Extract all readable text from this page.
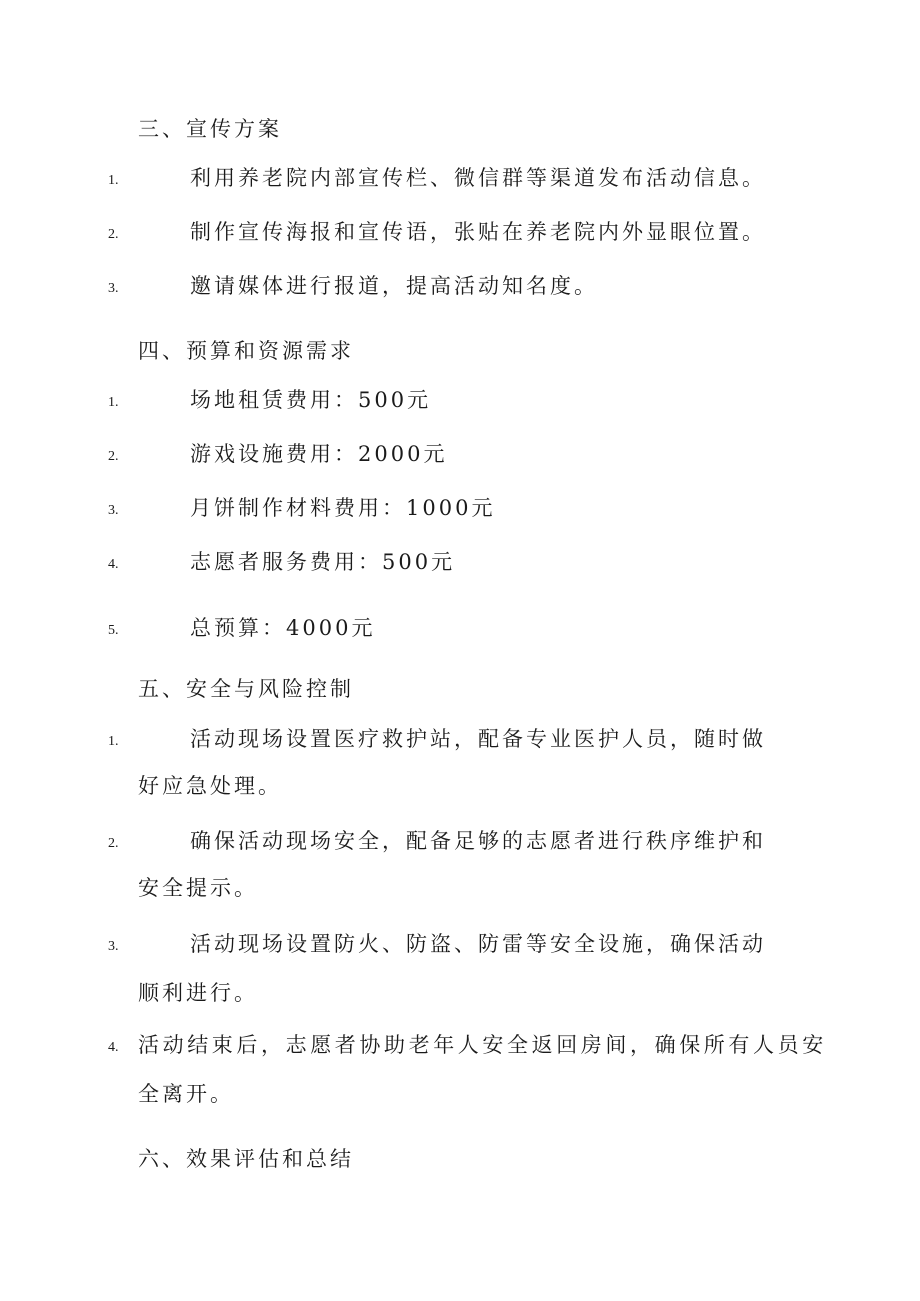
三、宣传方案
1.	利用养老院内部宣传栏、微信群等渠道发布活动信息。
2.	制作宣传海报和宣传语，张贴在养老院内外显眼位置。
3.	邀请媒体进行报道，提高活动知名度。
四、预算和资源需求
1.	场地租赁费用：500元
2.	游戏设施费用：2000元
3.	月饼制作材料费用：1000元
4.	志愿者服务费用：500元
5.	总预算：4000元
五、安全与风险控制
1.	活动现场设置医疗救护站，配备专业医护人员，随时做
好应急处理。
2.	确保活动现场安全，配备足够的志愿者进行秩序维护和
安全提示。
3.	活动现场设置防火、防盗、防雷等安全设施，确保活动
顺利进行。
4. 活动结束后，志愿者协助老年人安全返回房间，确保所有人员安
全离开。
六、效果评估和总结
